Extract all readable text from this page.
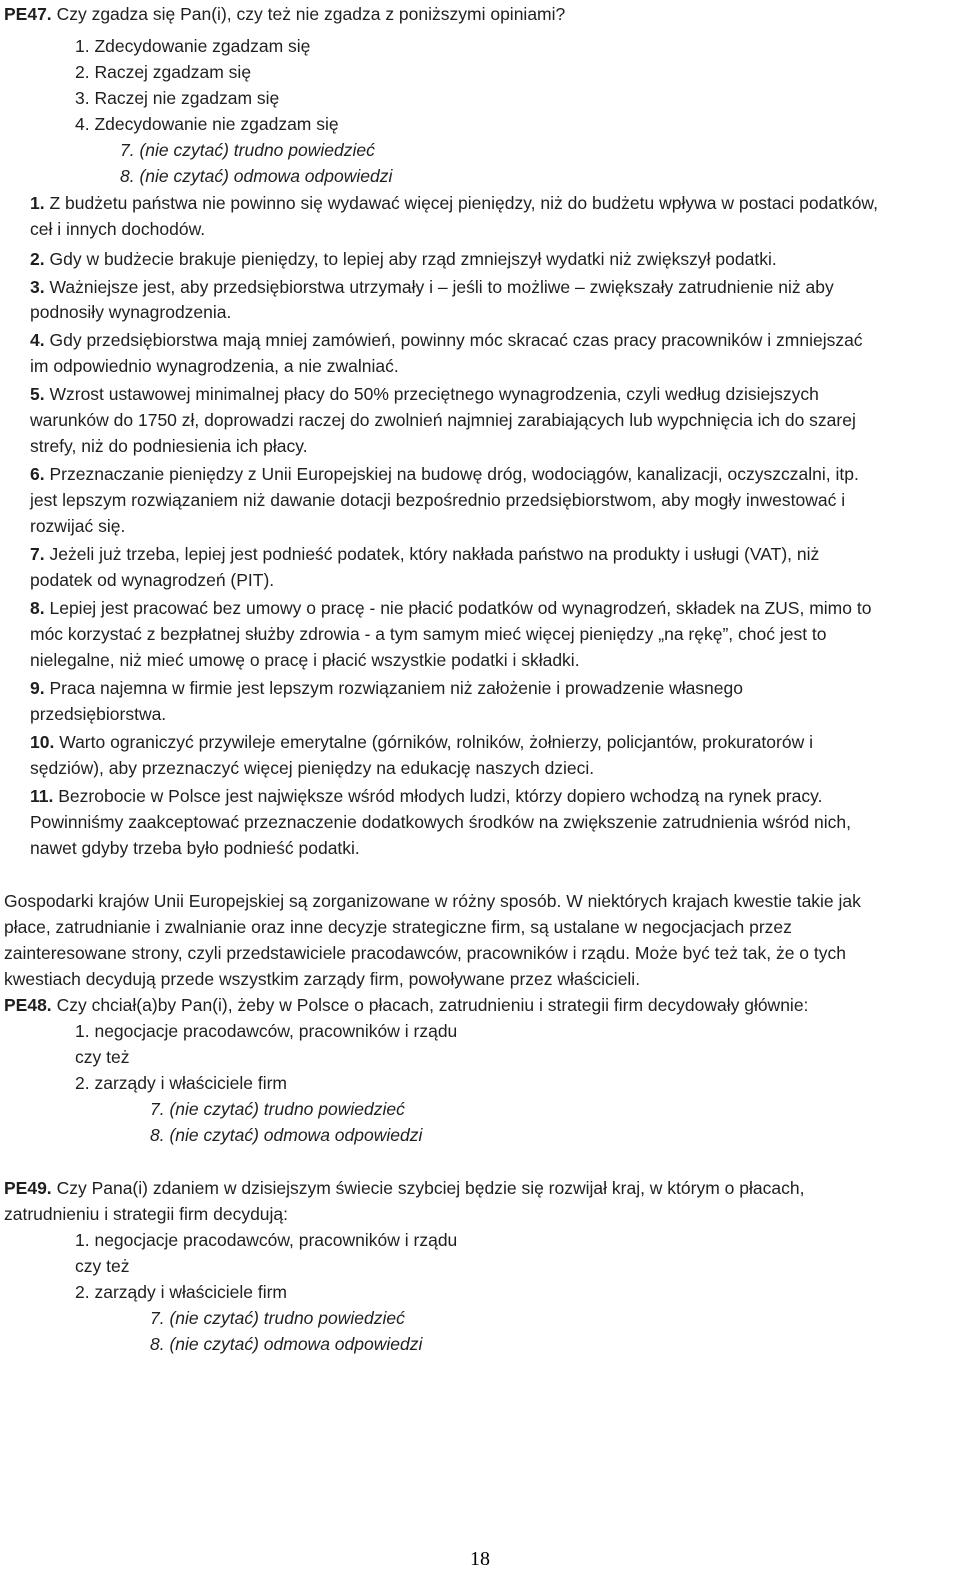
PE47. Czy zgadza się Pan(i), czy też nie zgadza z poniższymi opiniami?
1. Zdecydowanie zgadzam się
2. Raczej zgadzam się
3. Raczej nie zgadzam się
4. Zdecydowanie nie zgadzam się
7. (nie czytać) trudno powiedzieć
8. (nie czytać) odmowa odpowiedzi
1. Z budżetu państwa nie powinno się wydawać więcej pieniędzy, niż do budżetu wpływa w postaci podatków,
ceł i innych dochodów.
2. Gdy w budżecie brakuje pieniędzy, to lepiej aby rząd zmniejszył wydatki niż zwiększył podatki.
3. Ważniejsze jest, aby przedsiębiorstwa utrzymały i – jeśli to możliwe – zwiększały zatrudnienie niż aby
podnosiły wynagrodzenia.
4. Gdy przedsiębiorstwa mają mniej zamówień, powinny móc skracać czas pracy pracowników i zmniejszać
im odpowiednio wynagrodzenia, a nie zwalniać.
5. Wzrost ustawowej minimalnej płacy do 50% przeciętnego wynagrodzenia, czyli według dzisiejszych
warunków do 1750 zł, doprowadzi raczej do zwolnień najmniej zarabiających lub wypchnięcia ich do szarej
strefy, niż do podniesienia ich płacy.
6. Przeznaczanie pieniędzy z Unii Europejskiej na budowę dróg, wodociągów, kanalizacji, oczyszczalni, itp.
jest lepszym rozwiązaniem niż dawanie dotacji bezpośrednio przedsiębiorstwom, aby mogły inwestować i
rozwijać się.
7. Jeżeli już trzeba, lepiej jest podnieść podatek, który nakłada państwo na produkty i usługi (VAT), niż
podatek od wynagrodzeń (PIT).
8. Lepiej jest pracować bez umowy o pracę - nie płacić podatków od wynagrodzeń, składek na ZUS, mimo to
móc korzystać z bezpłatnej służby zdrowia - a tym samym mieć więcej pieniędzy „na rękę”, choć jest to
nielegalne, niż mieć umowę o pracę i płacić wszystkie podatki i składki.
9. Praca najemna w firmie jest lepszym rozwiązaniem niż założenie i prowadzenie własnego
przedsiębiorstwa.
10. Warto ograniczyć przywileje emerytalne (górników, rolników, żołnierzy, policjantów, prokuratorów i
sędziów), aby przeznaczyć więcej pieniędzy na edukację naszych dzieci.
11. Bezrobocie w Polsce jest największe wśród młodych ludzi, którzy dopiero wchodzą na rynek pracy.
Powinniśmy zaakceptować przeznaczenie dodatkowych środków na zwiększenie zatrudnienia wśród nich,
nawet gdyby trzeba było podnieść podatki.
Gospodarki krajów Unii Europejskiej są zorganizowane w różny sposób. W niektórych krajach kwestie takie jak
płace, zatrudnianie i zwalnianie oraz inne decyzje strategiczne firm, są ustalane w negocjacjach przez
zainteresowane strony, czyli przedstawiciele pracodawców, pracowników i rządu. Może być też tak, że o tych
kwestiach decydują przede wszystkim zarządy firm, powoływane przez właścicieli.
PE48. Czy chciał(a)by Pan(i), żeby w Polsce o płacach, zatrudnieniu i strategii firm decydowały głównie:
1. negocjacje pracodawców, pracowników i rządu
czy też
2. zarządy i właściciele firm
7. (nie czytać) trudno powiedzieć
8. (nie czytać) odmowa odpowiedzi
PE49. Czy Pana(i) zdaniem w dzisiejszym świecie szybciej będzie się rozwijał kraj, w którym o płacach,
zatrudnieniu i strategii firm decydują:
1. negocjacje pracodawców, pracowników i rządu
czy też
2. zarządy i właściciele firm
7. (nie czytać) trudno powiedzieć
8. (nie czytać) odmowa odpowiedzi
18
